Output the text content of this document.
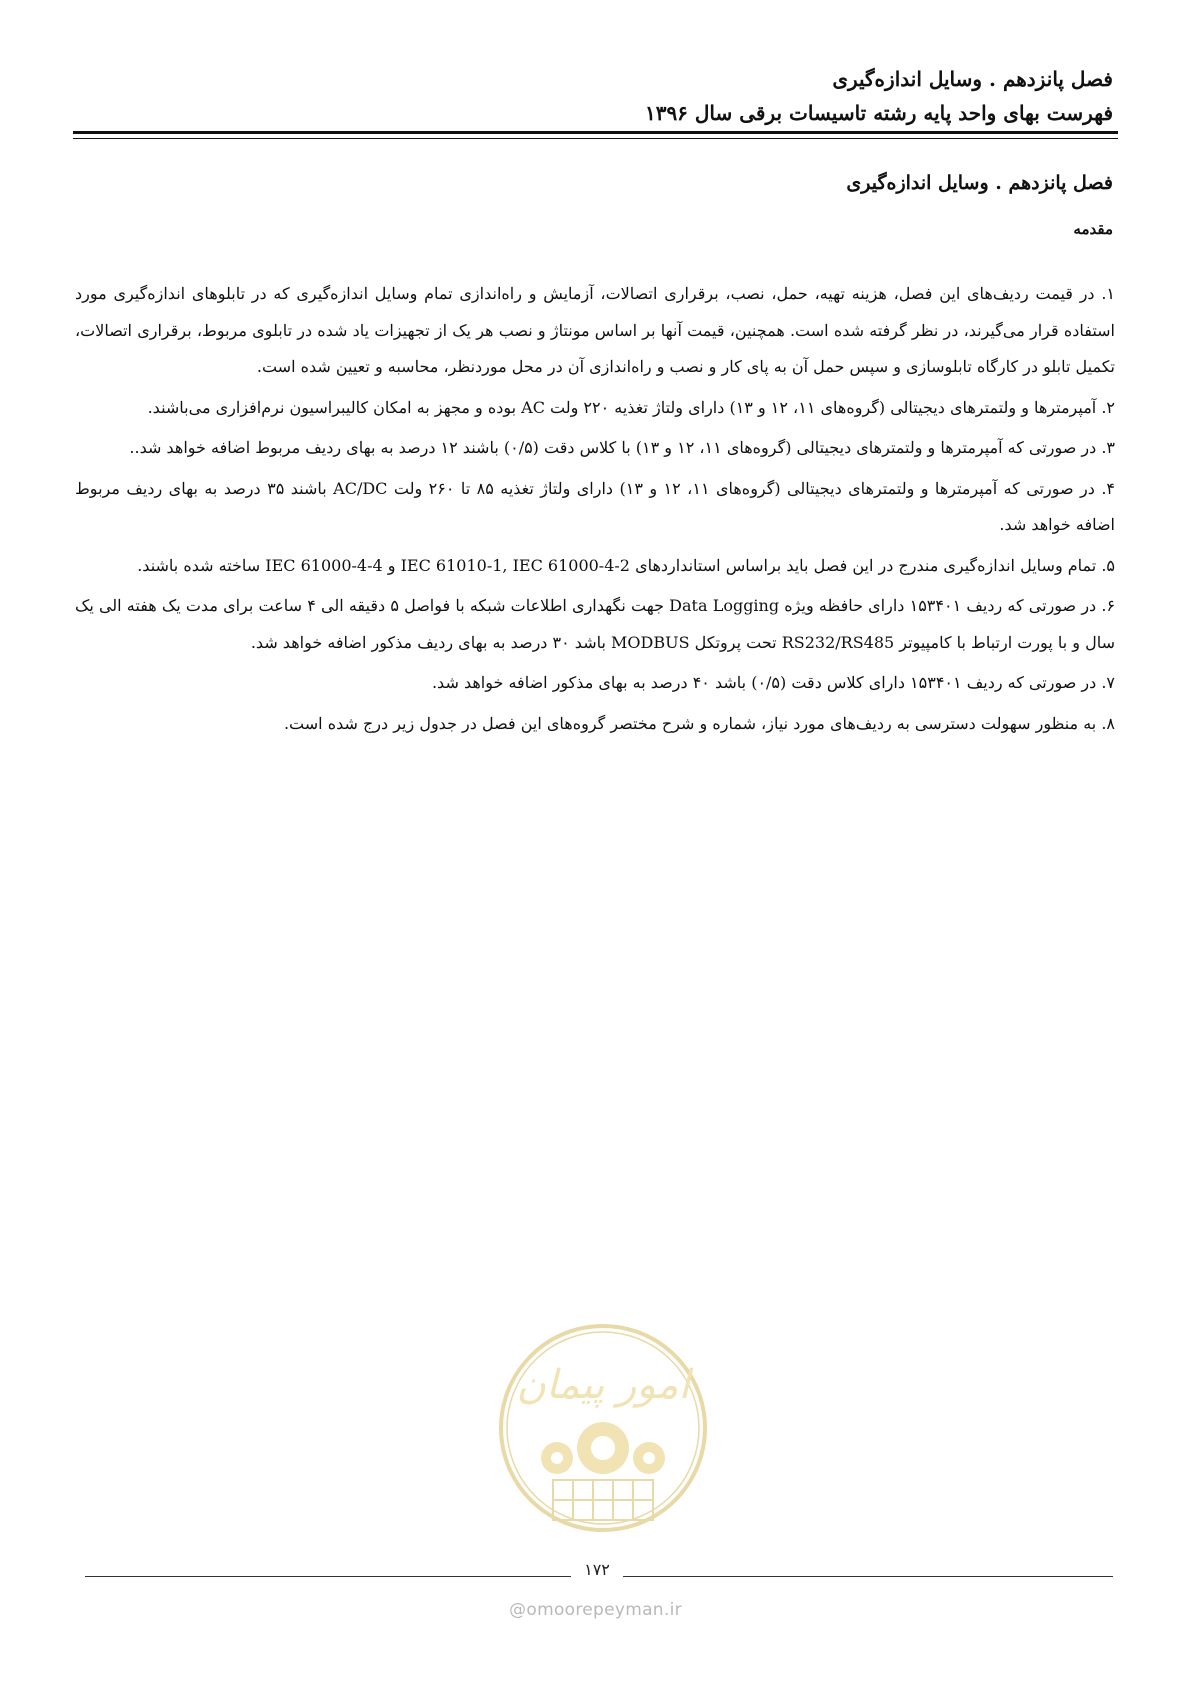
فصل پانزدهم . وسایل اندازه‌گیری
فهرست بهای واحد پایه رشته تاسیسات برقی سال ۱۳۹۶
فصل پانزدهم . وسایل اندازه‌گیری
مقدمه

۱. در قیمت ردیف‌های این فصل، هزینه تهیه، حمل، نصب، برقراری اتصالات، آزمایش و راه‌اندازی تمام وسایل اندازه‌گیری که در تابلوهای اندازه‌گیری مورد استفاده قرار می‌گیرند، در نظر گرفته شده است. همچنین، قیمت آنها بر اساس مونتاژ و نصب هر یک از تجهیزات یاد شده در تابلوی مربوط، برقراری اتصالات، تکمیل تابلو در کارگاه تابلوسازی و سپس حمل آن به پای کار و نصب و راه‌اندازی آن در محل موردنظر، محاسبه و تعیین شده است.

۲. آمپرمترها و ولتمترهای دیجیتالی (گروه‌های ۱۱، ۱۲ و ۱۳) دارای ولتاژ تغذیه ۲۲۰ ولت AC بوده و مجهز به امکان کالیبراسیون نرم‌افزاری می‌باشند.

۳. در صورتی که آمپرمترها و ولتمترهای دیجیتالی (گروه‌های ۱۱، ۱۲ و ۱۳) با کلاس دقت (۰/۵) باشند ۱۲ درصد به بهای ردیف مربوط اضافه خواهد شد..

۴. در صورتی که آمپرمترها و ولتمترهای دیجیتالی (گروه‌های ۱۱، ۱۲ و ۱۳) دارای ولتاژ تغذیه ۸۵ تا ۲۶۰ ولت AC/DC باشند ۳۵ درصد به بهای ردیف مربوط اضافه خواهد شد.

۵. تمام وسایل اندازه‌گیری مندرج در این فصل باید براساس استانداردهای IEC 61010-1, IEC 61000-4-2 و IEC 61000-4-4 ساخته شده باشند.

۶. در صورتی که ردیف ۱۵۳۴۰۱ دارای حافظه ویژه Data Logging جهت نگهداری اطلاعات شبکه با فواصل ۵ دقیقه الی ۴ ساعت برای مدت یک هفته الی یک سال و با پورت ارتباط با کامپیوتر RS232/RS485 تحت پروتکل MODBUS باشد ۳۰ درصد به بهای ردیف مذکور اضافه خواهد شد.

۷. در صورتی که ردیف ۱۵۳۴۰۱ دارای کلاس دقت (۰/۵) باشد ۴۰ درصد به بهای مذکور اضافه خواهد شد.

۸. به منظور سهولت دسترسی به ردیف‌های مورد نیاز، شماره و شرح مختصر گروه‌های این فصل در جدول زیر درج شده است.

امور پیمان
۱۷۲
@omoorepeyman.ir
